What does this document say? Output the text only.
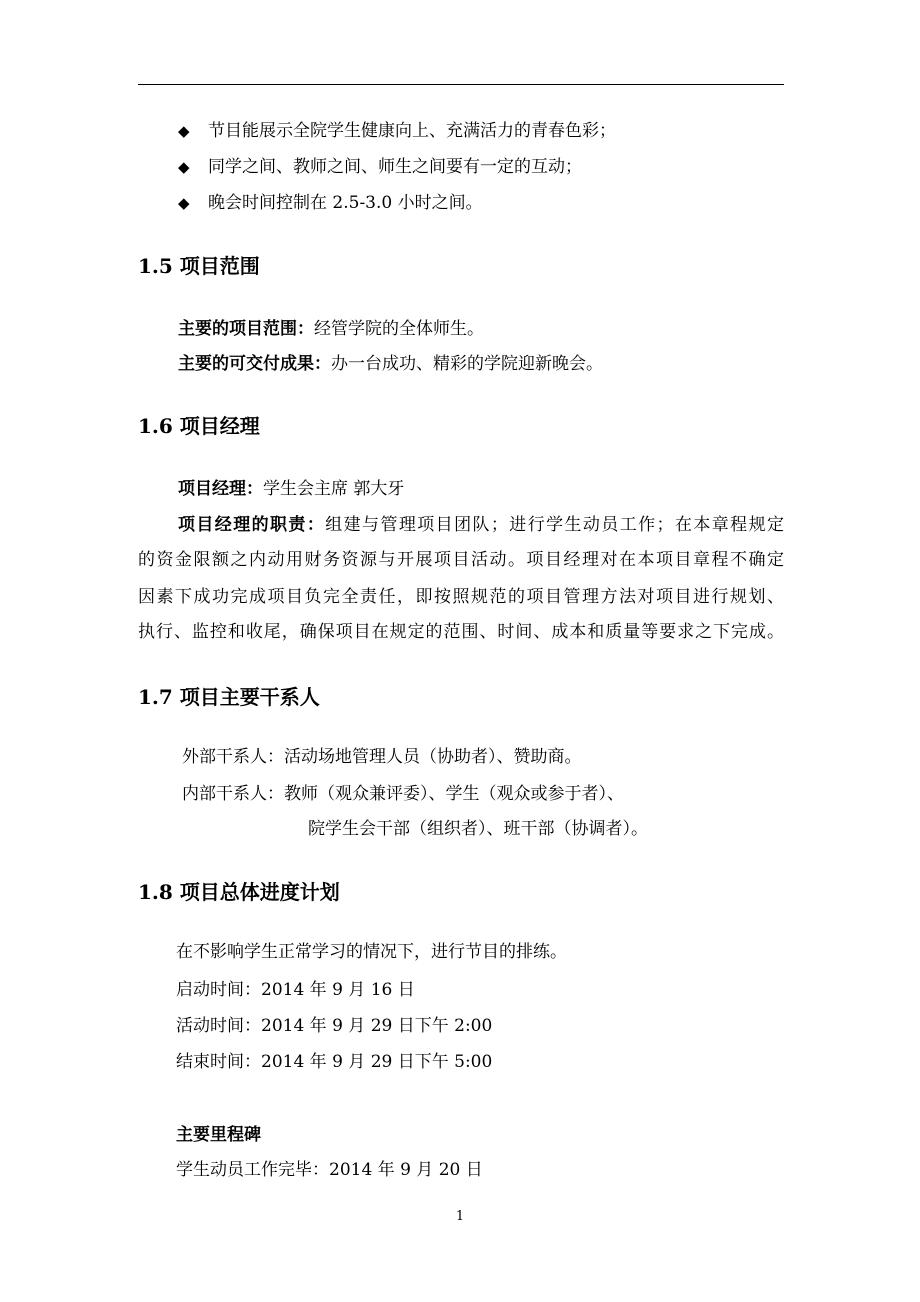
◆ 节目能展示全院学生健康向上、充满活力的青春色彩；
◆ 同学之间、教师之间、师生之间要有一定的互动；
◆ 晚会时间控制在 2.5-3.0 小时之间。
1.5 项目范围
主要的项目范围：经管学院的全体师生。
主要的可交付成果：办一台成功、精彩的学院迎新晚会。
1.6 项目经理
项目经理：学生会主席 郭大牙
项目经理的职责：组建与管理项目团队；进行学生动员工作；在本章程规定
的资金限额之内动用财务资源与开展项目活动。项目经理对在本项目章程不确定
因素下成功完成项目负完全责任，即按照规范的项目管理方法对项目进行规划、
执行、监控和收尾，确保项目在规定的范围、时间、成本和质量等要求之下完成。
1.7 项目主要干系人
外部干系人：活动场地管理人员（协助者）、赞助商。
内部干系人：教师（观众兼评委）、学生（观众或参于者）、
院学生会干部（组织者）、班干部（协调者）。
1.8 项目总体进度计划
在不影响学生正常学习的情况下，进行节目的排练。
启动时间：2014 年 9 月 16 日
活动时间：2014 年 9 月 29 日下午 2:00
结束时间：2014 年 9 月 29 日下午 5:00
主要里程碑
学生动员工作完毕：2014 年 9 月 20 日
1
